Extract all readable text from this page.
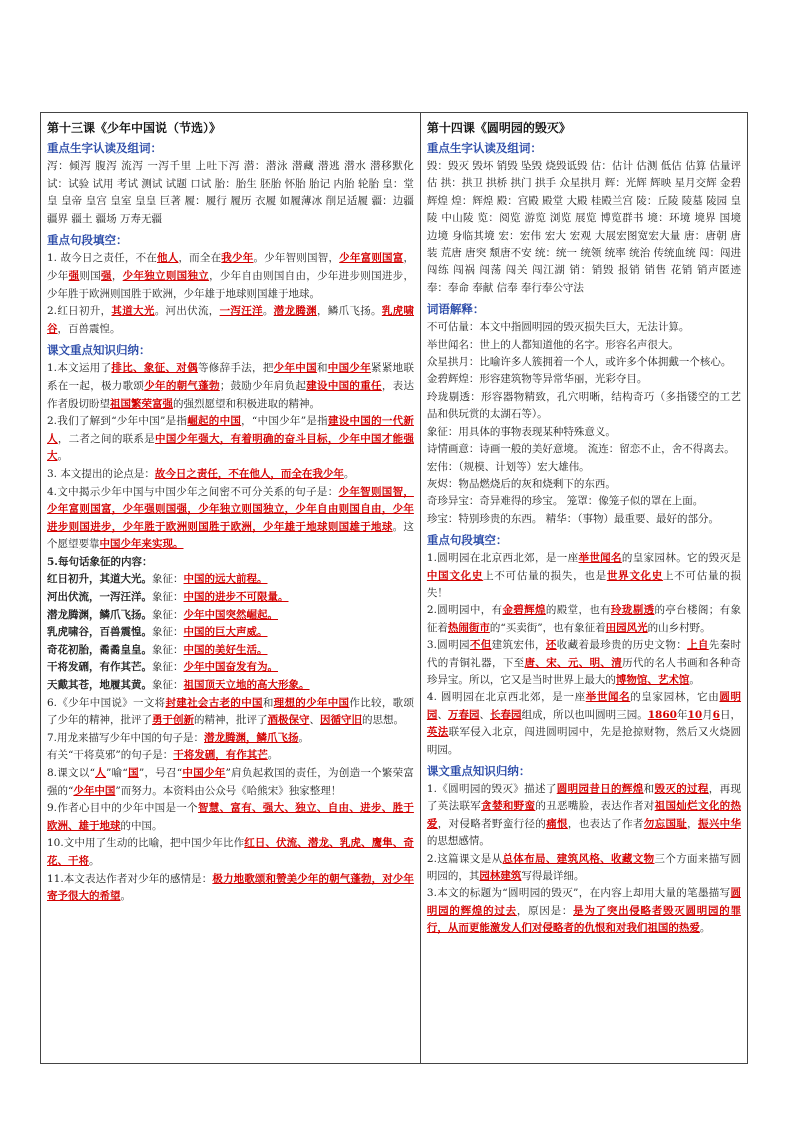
第十三课《少年中国说（节选）》
重点生字认读及组词：

泻：倾泻 腹泻 流泻 一泻千里 上吐下泻 潜：潜泳 潜藏 潜逃 潜水 潜移默化 试：试验 试用 考试 测试 试题 口试 胎：胎生 胚胎 怀胎 胎记 内胎 轮胎 皇：堂皇 皇帝 皇宫 皇室 皇皇 巨著 履：履行 履历 衣履 如履薄冰 削足适履 疆：边疆 疆界 疆土 疆场 万寿无疆

重点句段填空：

1. 故今日之责任，不在他人，而全在我少年。少年智则国智，少年富则国富，少年强则国强，少年独立则国独立，少年自由则国自由，少年进步则国进步，少年胜于欧洲则国胜于欧洲，少年雄于地球则国雄于地球。

2.红日初升，其道大光。河出伏流，一泻汪洋。潜龙腾渊，鳞爪飞扬。乳虎啸谷，百兽震惶。

课文重点知识归纳：

1.本文运用了排比、象征、对偶等修辞手法，把少年中国和中国少年紧紧地联系在一起，极力歌颂少年的朝气蓬勃；鼓励少年肩负起建设中国的重任，表达作者殷切盼望祖国繁荣富强的强烈愿望和积极进取的精神。

2.我们了解到“少年中国”是指崛起的中国，“中国少年”是指建设中国的一代新人，二者之间的联系是中国少年强大，有着明确的奋斗目标，少年中国才能强大。

3. 本文提出的论点是：故今日之责任，不在他人，而全在我少年。

4.文中揭示少年中国与中国少年之间密不可分关系的句子是：少年智则国智，少年富则国富，少年强则国强，少年独立则国独立，少年自由则国自由，少年进步则国进步，少年胜于欧洲则国胜于欧洲，少年雄于地球则国雄于地球。这个愿望要靠中国少年来实现。

5.每句话象征的内容：

红日初升，其道大光。象征：中国的远大前程。

河出伏流，一泻汪洋。象征：中国的进步不可限量。

潜龙腾渊，鳞爪飞扬。象征：少年中国突然崛起。

乳虎啸谷，百兽震惶。象征：中国的巨大声威。

奇花初胎，矞矞皇皇。象征：中国的美好生活。

干将发硎，有作其芒。象征：少年中国奋发有为。

天戴其苍，地履其黄。象征：祖国顶天立地的高大形象。

6.《少年中国说》一文将封建社会古老的中国和理想的少年中国作比较，歌颂了少年的精神，批评了勇于创新的精神，批评了酒极保守、因循守旧的思想。

7.用龙来描写少年中国的句子是：潜龙腾渊，鳞爪飞扬。

有关“干将莫邪”的句子是：干将发硎，有作其芒。

8.课文以“人”喻“国”，号召“中国少年”肩负起救国的责任，为创造一个繁荣富强的“少年中国”而努力。本资料由公众号《哈熊宋》独家整理！

9.作者心目中的少年中国是一个智慧、富有、强大、独立、自由、进步、胜于欧洲、雄于地球的中国。

10.文中用了生动的比喻，把中国少年比作红日、伏流、潜龙、乳虎、鹰隼、奇花、干将。

11.本文表达作者对少年的感情是：极力地歌颂和赞美少年的朝气蓬勃，对少年寄予很大的希望。

第十四课《圆明园的毁灭》
重点生字认读及组词：

毁：毁灭 毁坏 销毁 坠毁 烧毁诋毁 估：估计 估测 低估 估算 估量评估 拱：拱卫 拱桥 拱门 拱手 众星拱月 辉：光辉 辉映 星月交辉 金碧辉煌 煌：辉煌 殿：宫殿 殿堂 大殿 桂殿兰宫 陵：丘陵 陵墓 陵园 皇陵 中山陵 览：阅览 游览 浏览 展览 博览群书 境：环境 境界 国境 边境 身临其境 宏：宏伟 宏大 宏观 大展宏图宽宏大量 唐：唐朝 唐装 荒唐 唐突 颓唐不安 统：统一 统领 统率 统治 传统血统 闯：闯进 闯练 闯祸 闯荡 闯关 闯江湖 销：销毁 报销 销售 花销 销声匿迹 奉：奉命 奉献 信奉 奉行奉公守法

词语解释：

不可估量：本文中指圆明园的毁灭损失巨大，无法计算。

举世闻名：世上的人都知道他的名字。形容名声很大。

众星拱月：比喻许多人簇拥着一个人，或许多个体拥戴一个核心。

金碧辉煌：形容建筑物等异常华丽，光彩夺目。

玲珑剔透：形容器物精致，孔穴明晰，结构奇巧（多指镂空的工艺品和供玩赏的太湖石等）。

象征：用具体的事物表现某种特殊意义。

诗情画意：诗画一般的美好意境。 流连：留恋不止，舍不得离去。

宏伟：（规模、计划等）宏大雄伟。

灰烬：物品燃烧后的灰和烧剩下的东西。

奇珍异宝：奇异难得的珍宝。 笼罩：像笼子似的罩在上面。

珍宝：特别珍贵的东西。 精华：（事物）最重要、最好的部分。

重点句段填空：

1.圆明园在北京西北郊，是一座举世闻名的皇家园林。它的毁灭是中国文化史上不可估量的损失，也是世界文化史上不可估量的损失！

2.圆明园中，有金碧辉煌的殿堂，也有玲珑剔透的亭台楼阁；有象征着热闹街市的“买卖街”，也有象征着田园风光的山乡村野。

3.圆明园不但建筑宏伟，还收藏着最珍贵的历史文物：上自先秦时代的青铜礼器，下至唐、宋、元、明、清历代的名人书画和各种奇珍异宝。所以，它又是当时世界上最大的博物馆、艺术馆。

4. 圆明园在北京西北郊，是一座举世闻名的皇家园林，它由圆明园、万春园、长春园组成，所以也叫圆明三园。1860年10月6日，英法联军侵入北京，闯进圆明园中，先是抢掠财物，然后又火烧圆明园。

课文重点知识归纳：

1.《圆明园的毁灭》描述了圆明园昔日的辉煌和毁灭的过程，再现了英法联军贪婪和野蛮的丑恶嘴脸，表达作者对祖国灿烂文化的热爱，对侵略者野蛮行径的痛恨，也表达了作者勿忘国耻，振兴中华的思想感情。

2.这篇课文是从总体布局、建筑风格、收藏文物三个方面来描写圆明园的，其园林建筑写得最详细。

3.本文的标题为“圆明园的毁灭”，在内容上却用大量的笔墨描写圆明园的辉煌的过去，原因是：是为了突出侵略者毁灭圆明园的罪行，从而更能激发人们对侵略者的仇恨和对我们祖国的热爱。
